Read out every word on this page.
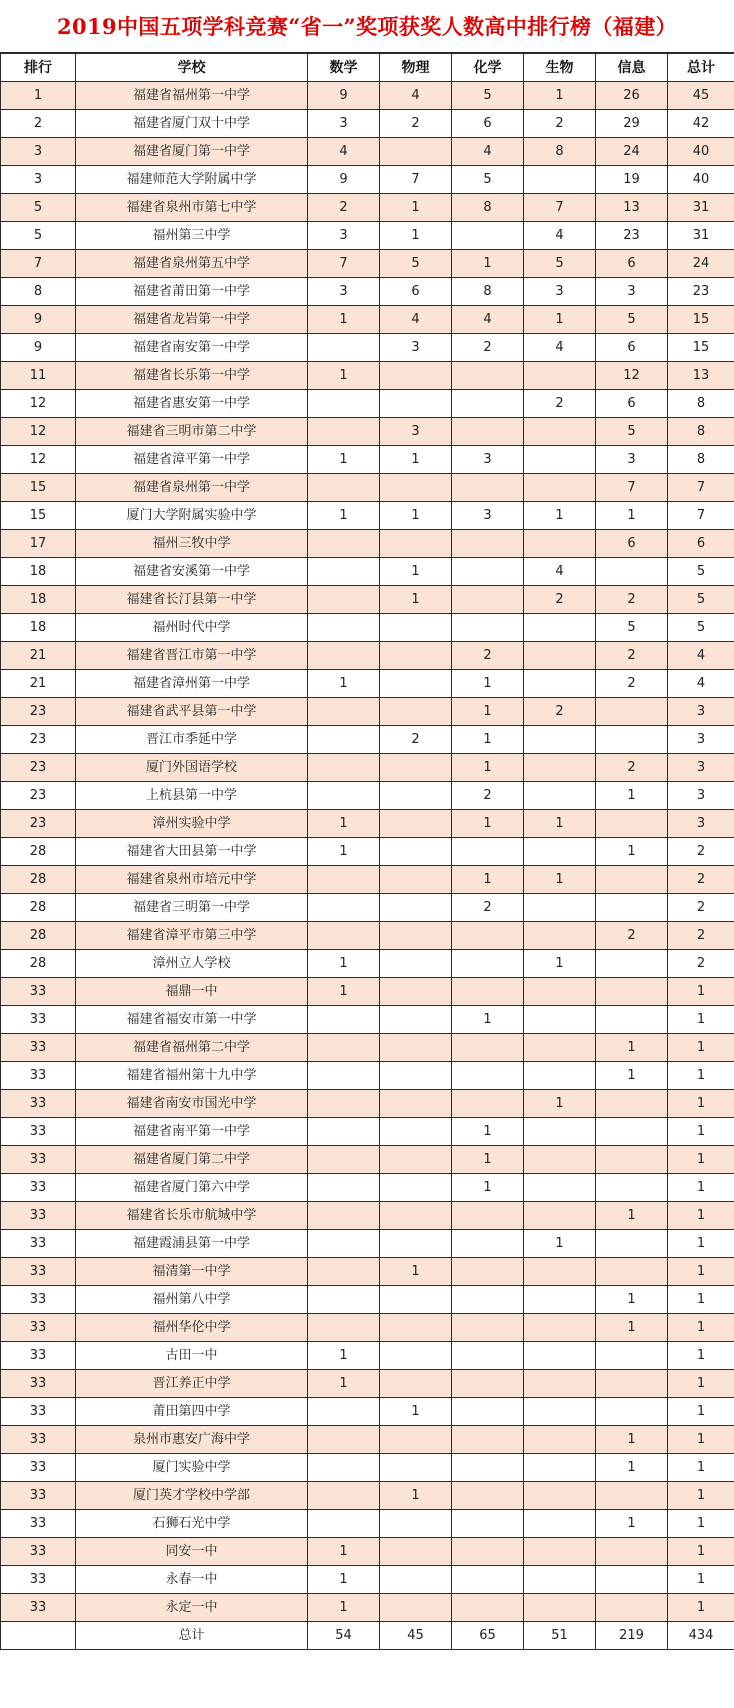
2019中国五项学科竞赛“省一”奖项获奖人数高中排行榜（福建）
排行	学校	数学	物理	化学	生物	信息	总计
1	福建省福州第一中学	9	4	5	1	26	45
2	福建省厦门双十中学	3	2	6	2	29	42
3	福建省厦门第一中学	4		4	8	24	40
3	福建师范大学附属中学	9	7	5		19	40
5	福建省泉州市第七中学	2	1	8	7	13	31
5	福州第三中学	3	1		4	23	31
7	福建省泉州第五中学	7	5	1	5	6	24
8	福建省莆田第一中学	3	6	8	3	3	23
9	福建省龙岩第一中学	1	4	4	1	5	15
9	福建省南安第一中学		3	2	4	6	15
11	福建省长乐第一中学	1				12	13
12	福建省惠安第一中学				2	6	8
12	福建省三明市第二中学		3			5	8
12	福建省漳平第一中学	1	1	3		3	8
15	福建省泉州第一中学					7	7
15	厦门大学附属实验中学	1	1	3	1	1	7
17	福州三牧中学					6	6
18	福建省安溪第一中学		1		4		5
18	福建省长汀县第一中学		1		2	2	5
18	福州时代中学					5	5
21	福建省晋江市第一中学			2		2	4
21	福建省漳州第一中学	1		1		2	4
23	福建省武平县第一中学			1	2		3
23	晋江市季延中学		2	1			3
23	厦门外国语学校			1		2	3
23	上杭县第一中学			2		1	3
23	漳州实验中学	1		1	1		3
28	福建省大田县第一中学	1				1	2
28	福建省泉州市培元中学			1	1		2
28	福建省三明第一中学			2			2
28	福建省漳平市第三中学					2	2
28	漳州立人学校	1			1		2
33	福鼎一中	1					1
33	福建省福安市第一中学			1			1
33	福建省福州第二中学					1	1
33	福建省福州第十九中学					1	1
33	福建省南安市国光中学				1		1
33	福建省南平第一中学			1			1
33	福建省厦门第二中学			1			1
33	福建省厦门第六中学			1			1
33	福建省长乐市航城中学					1	1
33	福建霞浦县第一中学				1		1
33	福清第一中学		1				1
33	福州第八中学					1	1
33	福州华伦中学					1	1
33	古田一中	1					1
33	晋江养正中学	1					1
33	莆田第四中学		1				1
33	泉州市惠安广海中学					1	1
33	厦门实验中学					1	1
33	厦门英才学校中学部		1				1
33	石狮石光中学					1	1
33	同安一中	1					1
33	永春一中	1					1
33	永定一中	1					1
	总计	54	45	65	51	219	434
